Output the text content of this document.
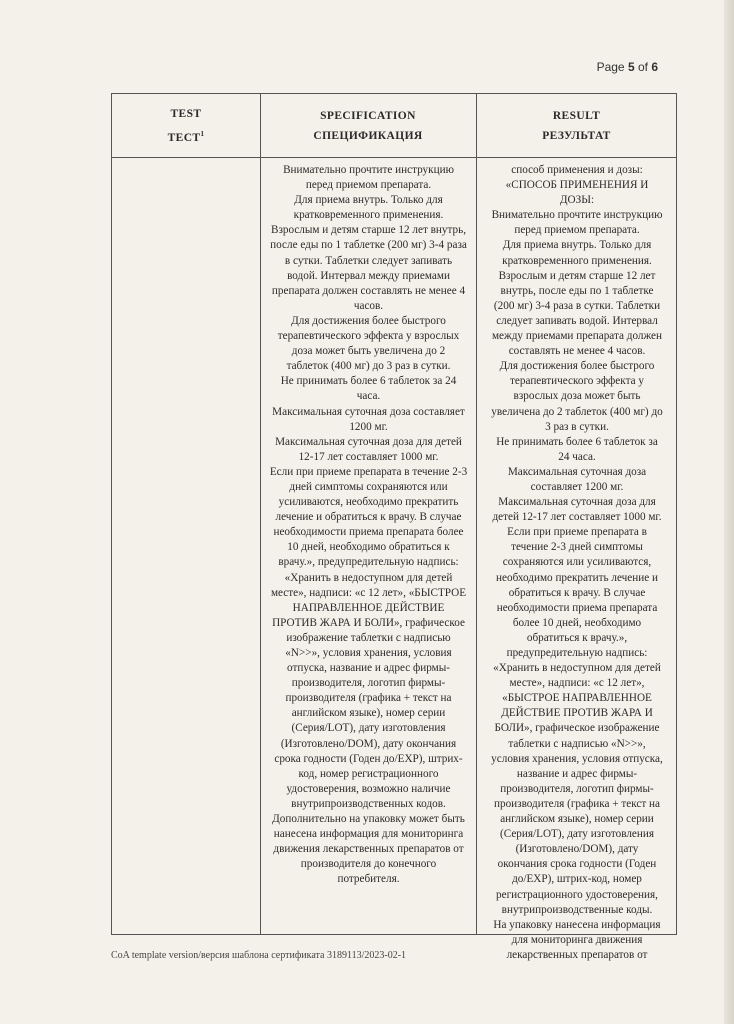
Page 5 of 6
TEST
ТЕСТ$^1$
SPECIFICATION
СПЕЦИФИКАЦИЯ
RESULT
РЕЗУЛЬТАТ
Внимательно прочтите инструкцию
перед приемом препарата.
Для приема внутрь. Только для
кратковременного применения.
Взрослым и детям старше 12 лет внутрь,
после еды по 1 таблетке (200 мг) 3-4 раза
в сутки. Таблетки следует запивать
водой. Интервал между приемами
препарата должен составлять не менее 4
часов.
Для достижения более быстрого
терапевтического эффекта у взрослых
доза может быть увеличена до 2
таблеток (400 мг) до 3 раз в сутки.
Не принимать более 6 таблеток за 24
часа.
Максимальная суточная доза составляет
1200 мг.
Максимальная суточная доза для детей
12-17 лет составляет 1000 мг.
Если при приеме препарата в течение 2-3
дней симптомы сохраняются или
усиливаются, необходимо прекратить
лечение и обратиться к врачу. В случае
необходимости приема препарата более
10 дней, необходимо обратиться к
врачу.», предупредительную надпись:
«Хранить в недоступном для детей
месте», надписи: «с 12 лет», «БЫСТРОЕ
НАПРАВЛЕННОЕ ДЕЙСТВИЕ
ПРОТИВ ЖАРА И БОЛИ», графическое
изображение таблетки с надписью
«N>>», условия хранения, условия
отпуска, название и адрес фирмы-
производителя, логотип фирмы-
производителя (графика + текст на
английском языке), номер серии
(Серия/LOT), дату изготовления
(Изготовлено/DOM), дату окончания
срока годности (Годен до/EXP), штрих-
код, номер регистрационного
удостоверения, возможно наличие
внутрипроизводственных кодов.
Дополнительно на упаковку может быть
нанесена информация для мониторинга
движения лекарственных препаратов от
производителя до конечного
потребителя.
способ применения и дозы:
«СПОСОБ ПРИМЕНЕНИЯ И
ДОЗЫ:
Внимательно прочтите инструкцию
перед приемом препарата.
Для приема внутрь. Только для
кратковременного применения.
Взрослым и детям старше 12 лет
внутрь, после еды по 1 таблетке
(200 мг) 3-4 раза в сутки. Таблетки
следует запивать водой. Интервал
между приемами препарата должен
составлять не менее 4 часов.
Для достижения более быстрого
терапевтического эффекта у
взрослых доза может быть
увеличена до 2 таблеток (400 мг) до
3 раз в сутки.
Не принимать более 6 таблеток за
24 часа.
Максимальная суточная доза
составляет 1200 мг.
Максимальная суточная доза для
детей 12-17 лет составляет 1000 мг.
Если при приеме препарата в
течение 2-3 дней симптомы
сохраняются или усиливаются,
необходимо прекратить лечение и
обратиться к врачу. В случае
необходимости приема препарата
более 10 дней, необходимо
обратиться к врачу.»,
предупредительную надпись:
«Хранить в недоступном для детей
месте», надписи: «с 12 лет»,
«БЫСТРОЕ НАПРАВЛЕННОЕ
ДЕЙСТВИЕ ПРОТИВ ЖАРА И
БОЛИ», графическое изображение
таблетки с надписью «N>>»,
условия хранения, условия отпуска,
название и адрес фирмы-
производителя, логотип фирмы-
производителя (графика + текст на
английском языке), номер серии
(Серия/LOT), дату изготовления
(Изготовлено/DOM), дату
окончания срока годности (Годен
до/EXP), штрих-код, номер
регистрационного удостоверения,
внутрипроизводственные коды.
На упаковку нанесена информация
для мониторинга движения
лекарственных препаратов от
CoA template version/версия шаблона сертификата 3189113/2023-02-1
